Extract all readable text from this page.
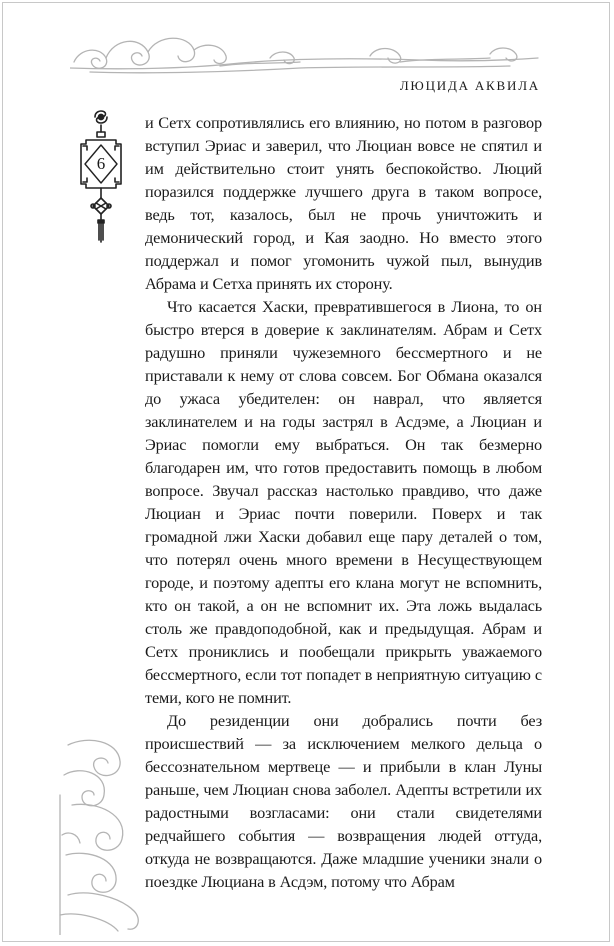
ЛЮЦИДА АКВИЛА
6

и Сетх сопротивлялись его влиянию, но потом в разговор вступил Эриас и заверил, что Люциан вовсе не спятил и им действительно стоит унять беспокойство. Люций поразился поддержке лучшего друга в таком вопросе, ведь тот, казалось, был не прочь уничтожить и демонический город, и Кая заодно. Но вместо этого поддержал и помог угомонить чужой пыл, вынудив Абрама и Сетха принять их сторону.

Что касается Хаски, превратившегося в Лиона, то он быстро втерся в доверие к заклинателям. Абрам и Сетх радушно приняли чужеземного бессмертного и не приставали к нему от слова совсем. Бог Обмана оказался до ужаса убедителен: он наврал, что является заклинателем и на годы застрял в Асдэме, а Люциан и Эриас помогли ему выбраться. Он так безмерно благодарен им, что готов предоставить помощь в любом вопросе. Звучал рассказ настолько правдиво, что даже Люциан и Эриас почти поверили. Поверх и так громадной лжи Хаски добавил еще пару деталей о том, что потерял очень много времени в Несуществующем городе, и поэтому адепты его клана могут не вспомнить, кто он такой, а он не вспомнит их. Эта ложь выдалась столь же правдоподобной, как и предыдущая. Абрам и Сетх прониклись и пообещали прикрыть уважаемого бессмертного, если тот попадет в неприятную ситуацию с теми, кого не помнит.

До резиденции они добрались почти без происшествий — за исключением мелкого дельца о бессознательном мертвеце — и прибыли в клан Луны раньше, чем Люциан снова заболел. Адепты встретили их радостными возгласами: они стали свидетелями редчайшего события — возвращения людей оттуда, откуда не возвращаются. Даже младшие ученики знали о поездке Люциана в Асдэм, потому что Абрам
